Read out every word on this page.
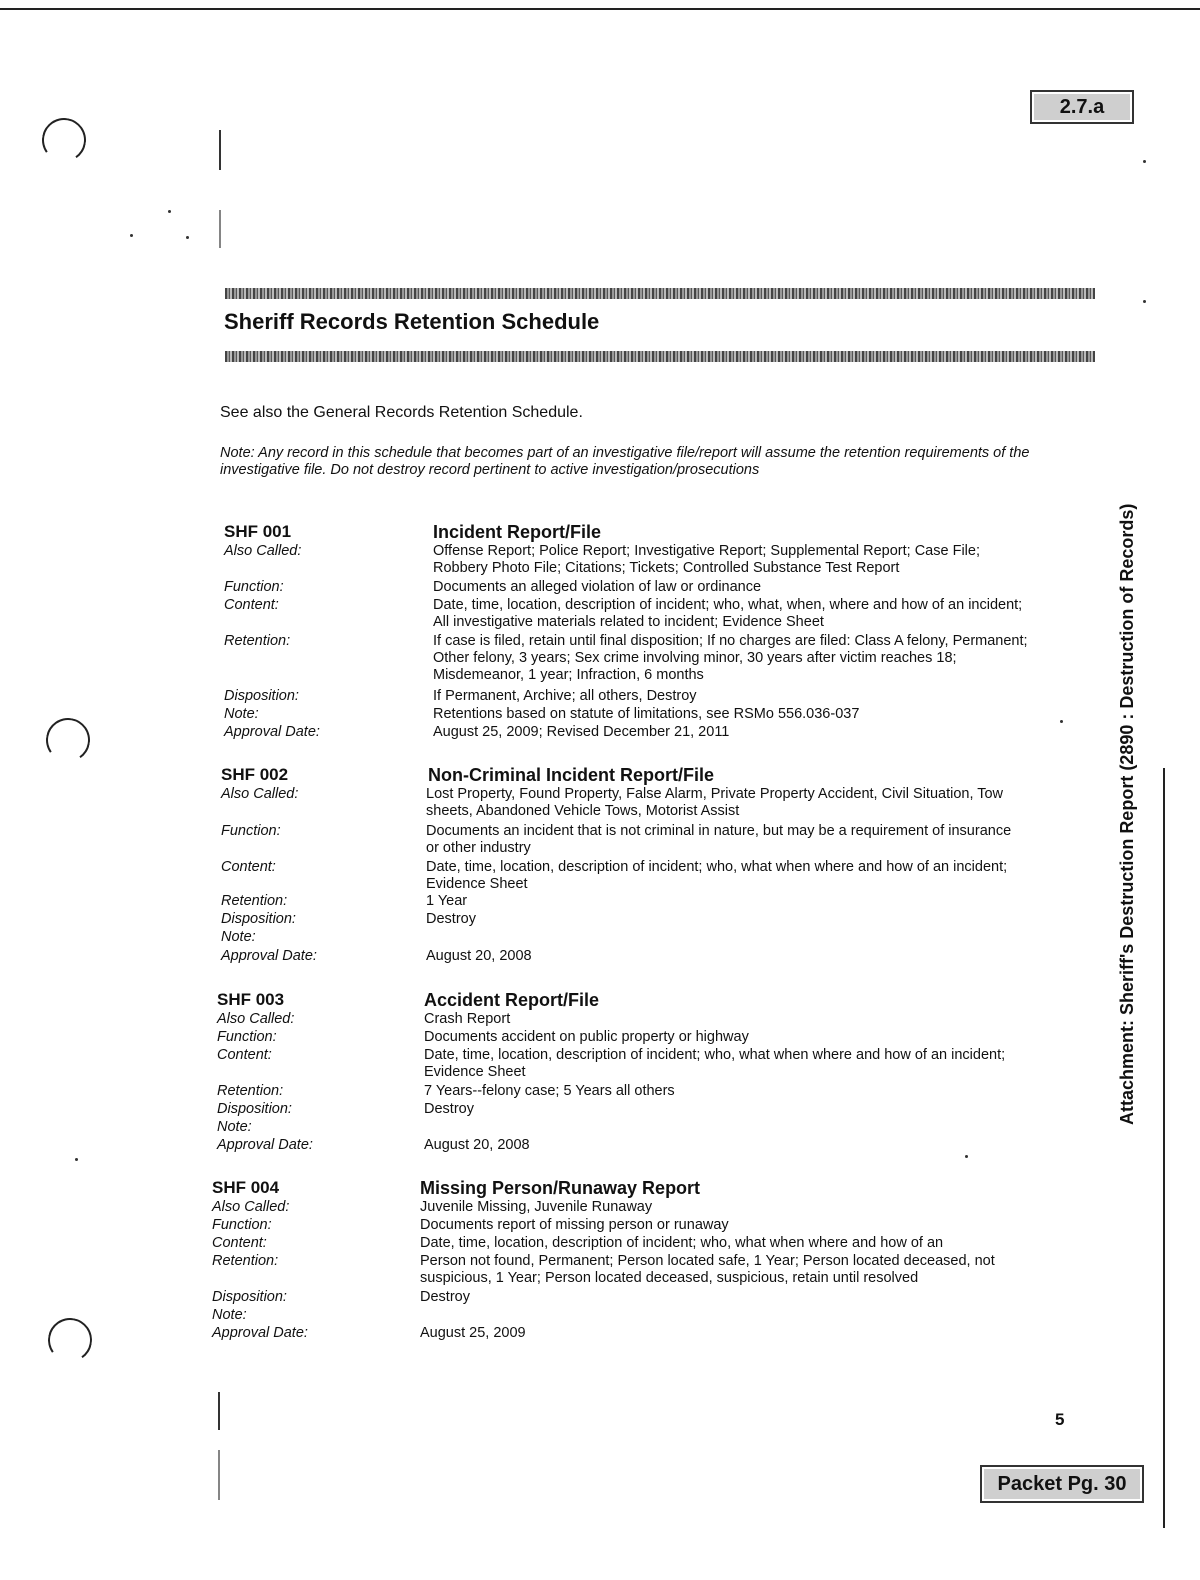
2.7.a
Sheriff Records Retention Schedule
See also the General Records Retention Schedule.
Note: Any record in this schedule that becomes part of an investigative file/report will assume the retention requirements of the investigative file. Do not destroy record pertinent to active investigation/prosecutions
SHF 001	Incident Report/File
Also Called:	Offense Report; Police Report; Investigative Report; Supplemental Report; Case File; Robbery Photo File; Citations; Tickets; Controlled Substance Test Report
Function:	Documents an alleged violation of law or ordinance
Content:	Date, time, location, description of incident; who, what, when, where and how of an incident; All investigative materials related to incident; Evidence Sheet
Retention:	If case is filed, retain until final disposition; If no charges are filed: Class A felony, Permanent; Other felony, 3 years; Sex crime involving minor, 30 years after victim reaches 18; Misdemeanor, 1 year; Infraction, 6 months
Disposition:	If Permanent, Archive; all others, Destroy
Note:	Retentions based on statute of limitations, see RSMo 556.036-037
Approval Date:	August 25, 2009; Revised December 21, 2011
SHF 002	Non-Criminal Incident Report/File
Also Called:	Lost Property, Found Property, False Alarm, Private Property Accident, Civil Situation, Tow sheets, Abandoned Vehicle Tows, Motorist Assist
Function:	Documents an incident that is not criminal in nature, but may be a requirement of insurance or other industry
Content:	Date, time, location, description of incident; who, what when where and how of an incident; Evidence Sheet
Retention:	1 Year
Disposition:	Destroy
Note:
Approval Date:	August 20, 2008
SHF 003	Accident Report/File
Also Called:	Crash Report
Function:	Documents accident on public property or highway
Content:	Date, time, location, description of incident; who, what when where and how of an incident; Evidence Sheet
Retention:	7 Years--felony case; 5 Years all others
Disposition:	Destroy
Note:
Approval Date:	August 20, 2008
SHF 004	Missing Person/Runaway Report
Also Called:	Juvenile Missing, Juvenile Runaway
Function:	Documents report of missing person or runaway
Content:	Date, time, location, description of incident; who, what when where and how of an
Retention:	Person not found, Permanent; Person located safe, 1 Year; Person located deceased, not suspicious, 1 Year; Person located deceased, suspicious, retain until resolved
Disposition:	Destroy
Note:
Approval Date:	August 25, 2009
Attachment: Sheriff's Destruction Report (2890 : Destruction of Records)
5
Packet Pg. 30
